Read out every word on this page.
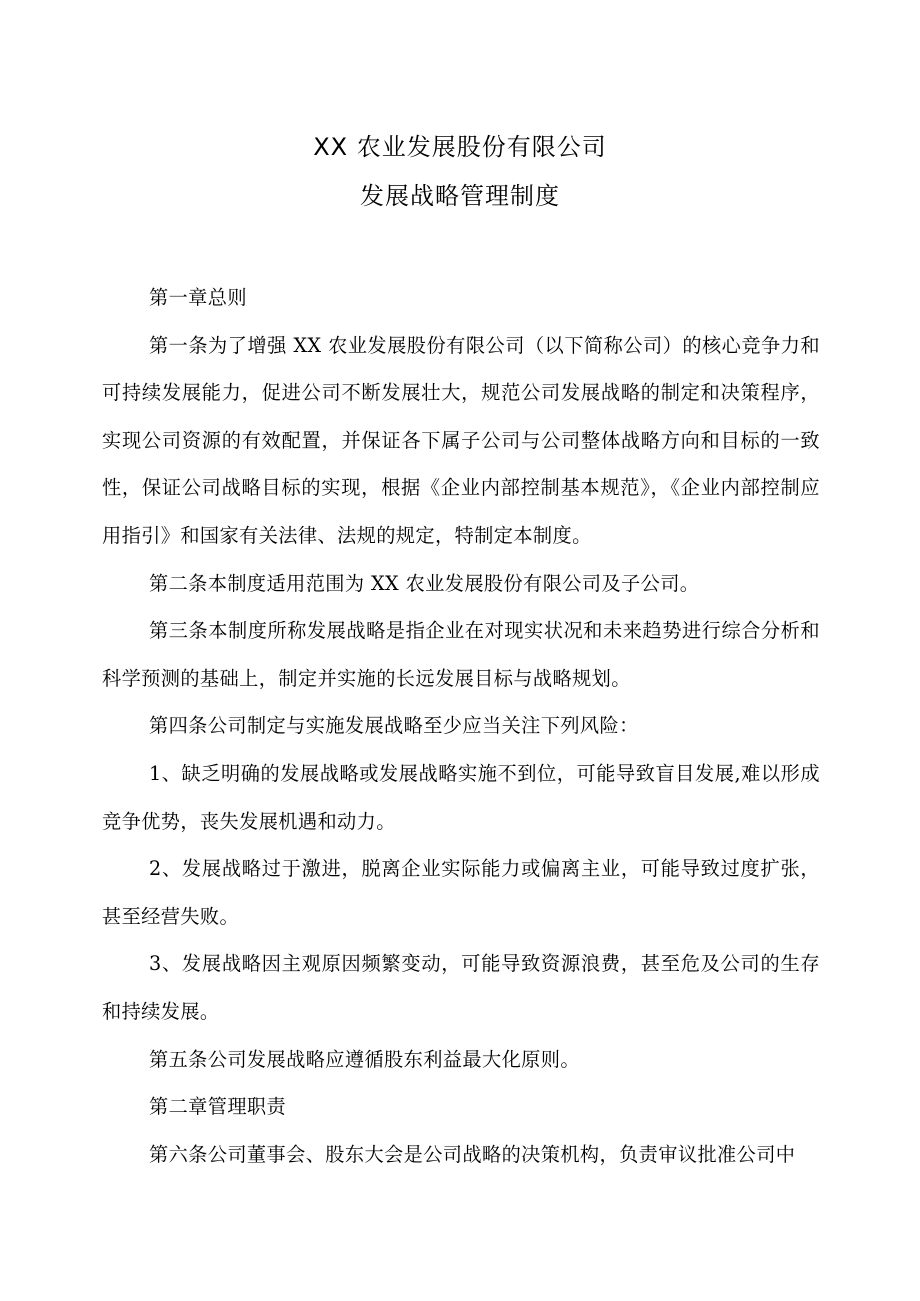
XX 农业发展股份有限公司
发展战略管理制度

第一章总则

第一条为了增强 XX 农业发展股份有限公司（以下简称公司）的核心竞争力和可持续发展能力，促进公司不断发展壮大，规范公司发展战略的制定和决策程序，实现公司资源的有效配置，并保证各下属子公司与公司整体战略方向和目标的一致性，保证公司战略目标的实现，根据《企业内部控制基本规范》，《企业内部控制应用指引》和国家有关法律、法规的规定，特制定本制度。

第二条本制度适用范围为 XX 农业发展股份有限公司及子公司。

第三条本制度所称发展战略是指企业在对现实状况和未来趋势进行综合分析和科学预测的基础上，制定并实施的长远发展目标与战略规划。

第四条公司制定与实施发展战略至少应当关注下列风险：

1、缺乏明确的发展战略或发展战略实施不到位，可能导致盲目发展,难以形成竞争优势，丧失发展机遇和动力。

2、发展战略过于激进，脱离企业实际能力或偏离主业，可能导致过度扩张，甚至经营失败。

3、发展战略因主观原因频繁变动，可能导致资源浪费，甚至危及公司的生存和持续发展。

第五条公司发展战略应遵循股东利益最大化原则。

第二章管理职责

第六条公司董事会、股东大会是公司战略的决策机构，负责审议批准公司中
